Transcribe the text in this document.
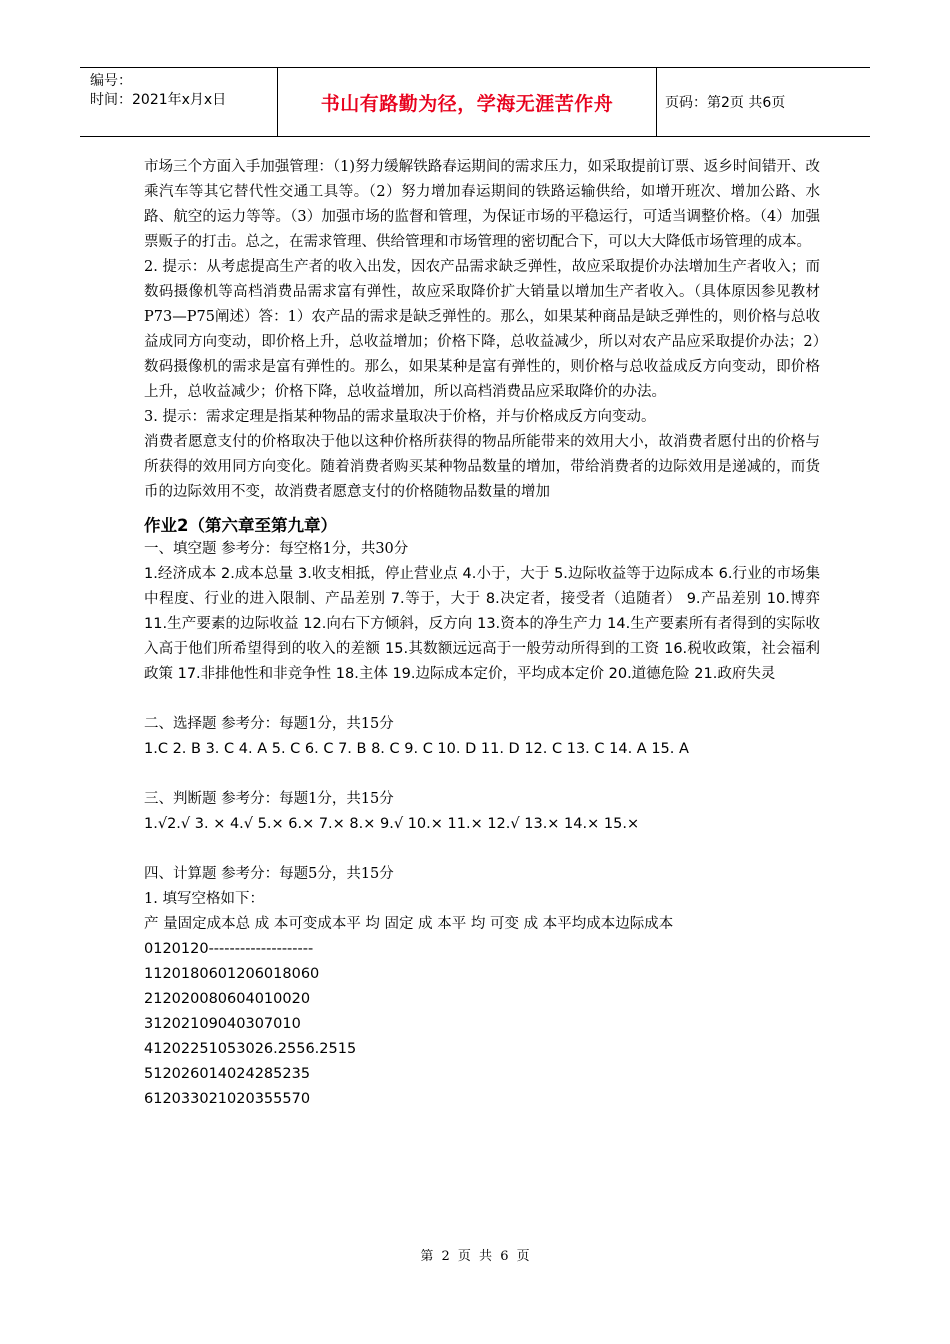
编号：
时间：2021年x月x日	书山有路勤为径，学海无涯苦作舟	页码：第2页 共6页

市场三个方面入手加强管理：（1)努力缓解铁路春运期间的需求压力，如采取提前订票、返乡时间错开、改乘汽车等其它替代性交通工具等。（2）努力增加春运期间的铁路运输供给，如增开班次、增加公路、水路、航空的运力等等。（3）加强市场的监督和管理，为保证市场的平稳运行，可适当调整价格。（4）加强票贩子的打击。总之，在需求管理、供给管理和市场管理的密切配合下，可以大大降低市场管理的成本。

2. 提示：从考虑提高生产者的收入出发，因农产品需求缺乏弹性，故应采取提价办法增加生产者收入；而数码摄像机等高档消费品需求富有弹性，故应采取降价扩大销量以增加生产者收入。（具体原因参见教材P73—P75阐述）答：1）农产品的需求是缺乏弹性的。那么，如果某种商品是缺乏弹性的，则价格与总收益成同方向变动，即价格上升，总收益增加；价格下降，总收益减少，所以对农产品应采取提价办法；2）数码摄像机的需求是富有弹性的。那么，如果某种是富有弹性的，则价格与总收益成反方向变动，即价格上升，总收益减少；价格下降，总收益增加，所以高档消费品应采取降价的办法。

3. 提示：需求定理是指某种物品的需求量取决于价格，并与价格成反方向变动。

消费者愿意支付的价格取决于他以这种价格所获得的物品所能带来的效用大小，故消费者愿付出的价格与所获得的效用同方向变化。随着消费者购买某种物品数量的增加，带给消费者的边际效用是递减的，而货币的边际效用不变，故消费者愿意支付的价格随物品数量的增加

作业2（第六章至第九章）

一、填空题 参考分：每空格1分，共30分

1.经济成本 2.成本总量 3.收支相抵，停止营业点 4.小于，大于 5.边际收益等于边际成本 6.行业的市场集中程度、行业的进入限制、产品差别 7.等于，大于 8.决定者，接受者（追随者） 9.产品差别 10.博弈 11.生产要素的边际收益 12.向右下方倾斜，反方向 13.资本的净生产力 14.生产要素所有者得到的实际收入高于他们所希望得到的收入的差额 15.其数额远远高于一般劳动所得到的工资 16.税收政策，社会福利政策 17.非排他性和非竞争性 18.主体 19.边际成本定价，平均成本定价 20.道德危险 21.政府失灵

二、选择题 参考分：每题1分，共15分

1.C 2. B 3. C 4. A 5. C 6. C 7. B 8. C 9. C 10. D 11. D 12. C 13. C 14. A 15. A

三、判断题 参考分：每题1分，共15分

1.√2.√ 3. × 4.√ 5.× 6.× 7.× 8.× 9.√ 10.× 11.× 12.√ 13.× 14.× 15.×

四、计算题 参考分：每题5分，共15分

1. 填写空格如下：

产 量固定成本总 成 本可变成本平 均 固定 成 本平 均 可变 成 本平均成本边际成本

0120120--------------------

1120180601206018060

212020080604010020

31202109040307010

41202251053026.2556.2515

512026014024285235

612033021020355570

第 2 页 共 6 页
